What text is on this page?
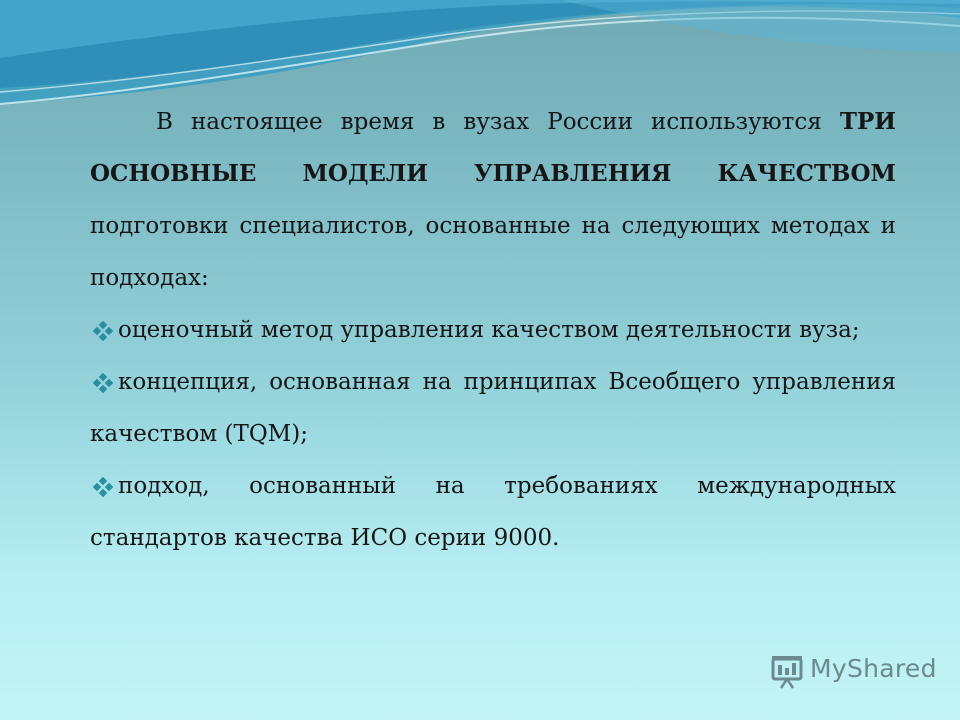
В настоящее время в вузах России используются ТРИ ОСНОВНЫЕ МОДЕЛИ УПРАВЛЕНИЯ КАЧЕСТВОМ подготовки специалистов, основанные на следующих методах и подходах:

оценочный метод управления качеством деятельности вуза;

концепция, основанная на принципах Всеобщего управления качеством (TQM);

подход, основанный на требованиях международных стандартов качества ИСО серии 9000.

MyShared
